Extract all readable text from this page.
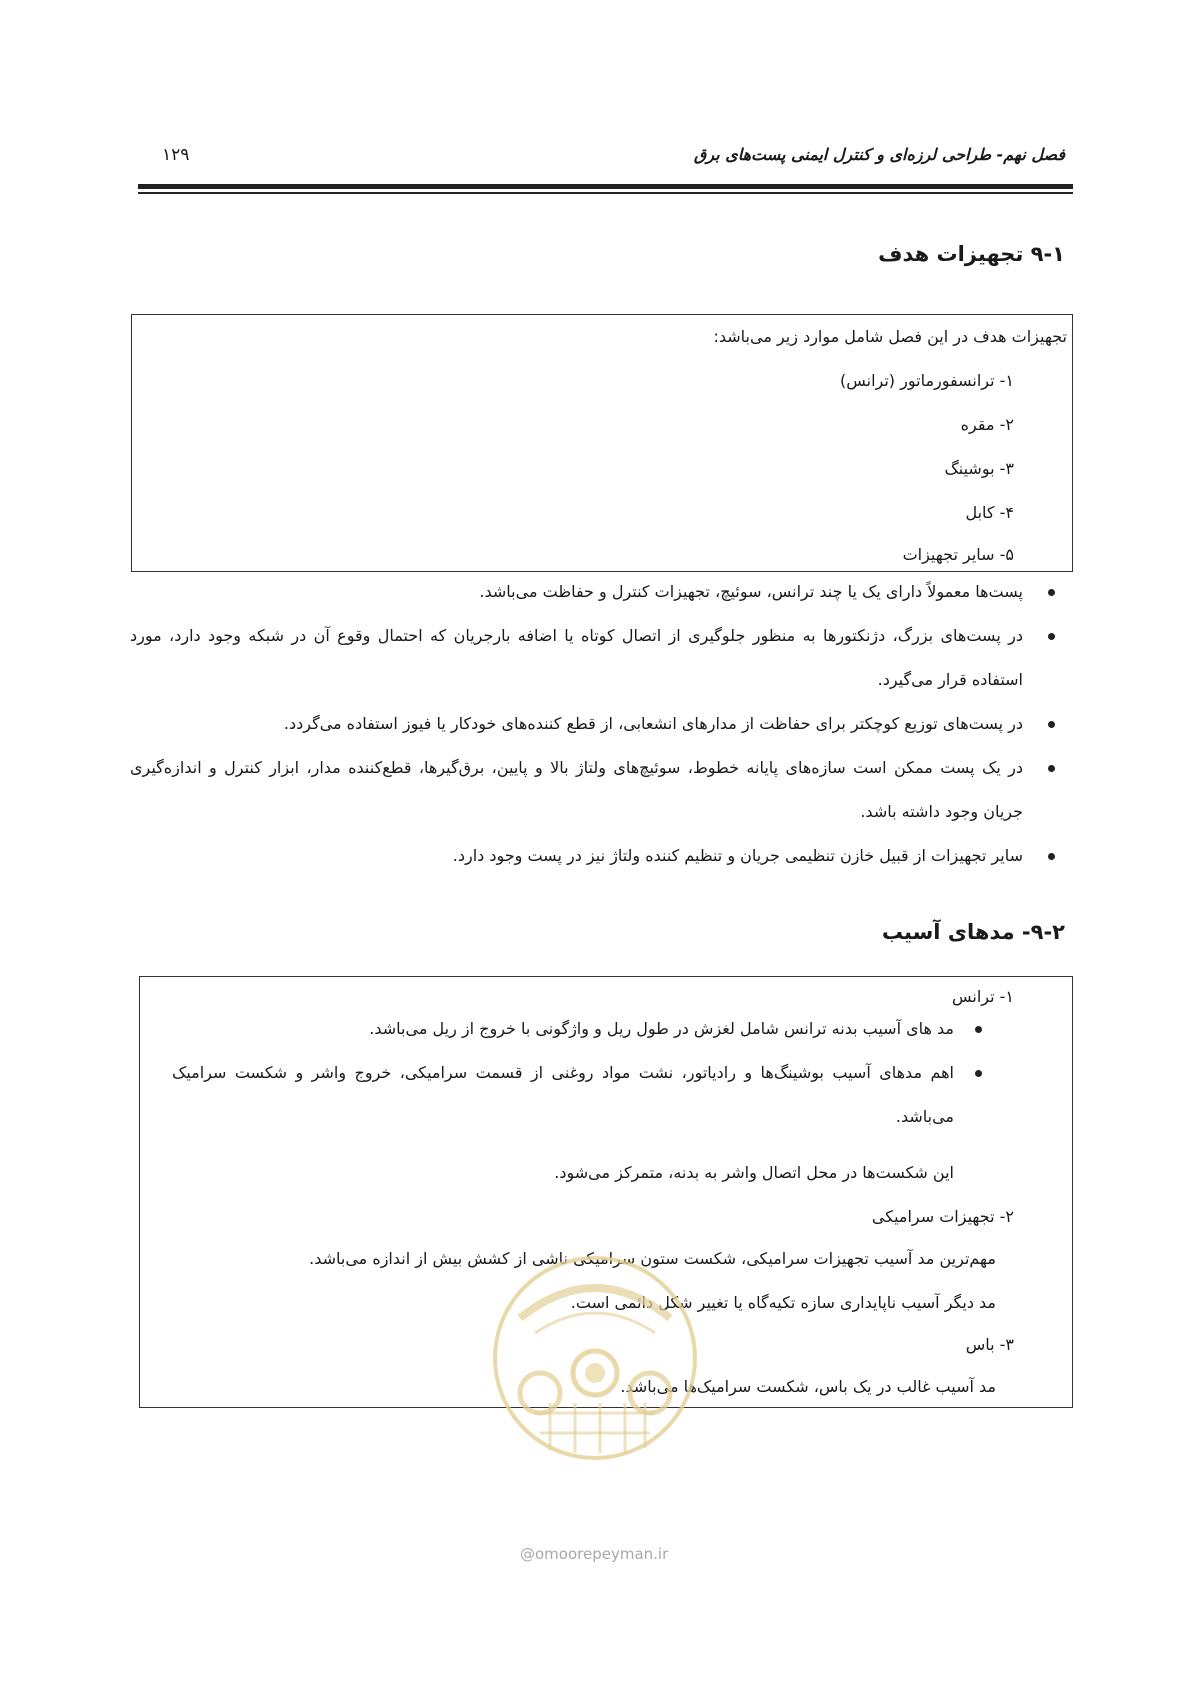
فصل نهم- طراحی لرزه‌ای و کنترل ایمنی پست‌های برق
۱۲۹
۹-۱ تجهیزات هدف
تجهیزات هدف در این فصل شامل موارد زیر می‌باشد:
۱- ترانسفورماتور (ترانس)
۲- مقره
۳- بوشینگ
۴- کابل
۵- سایر تجهیزات
پست‌ها معمولاً دارای یک یا چند ترانس، سوئیچ، تجهیزات کنترل و حفاظت می‌باشد.
در پست‌های بزرگ، دژنکتورها به منظور جلوگیری از اتصال کوتاه یا اضافه بارجریان که احتمال وقوع آن در شبکه وجود دارد، مورد استفاده قرار می‌گیرد.
در پست‌های توزیع کوچکتر برای حفاظت از مدارهای انشعابی، از قطع کننده‌های خودکار یا فیوز استفاده می‌گردد.
در یک پست ممکن است سازه‌های پایانه خطوط، سوئیچ‌های ولتاژ بالا و پایین، برق‌گیرها، قطع‌کننده مدار، ابزار کنترل و اندازه‌گیری جریان وجود داشته باشد.
سایر تجهیزات از قبیل خازن تنظیمی جریان و تنظیم کننده ولتاژ نیز در پست وجود دارد.
۹-۲- مدهای آسیب
۱- ترانس
مد های آسیب بدنه ترانس شامل لغزش در طول ریل و واژگونی با خروج از ریل می‌باشد.
اهم مدهای آسیب بوشینگ‌ها و رادیاتور، نشت مواد روغنی از قسمت سرامیکی، خروج واشر و شکست سرامیک می‌باشد.
این شکست‌ها در محل اتصال واشر به بدنه، متمرکز می‌شود.
۲- تجهیزات سرامیکی
مهم‌ترین مد آسیب تجهیزات سرامیکی، شکست ستون سرامیکی ناشی از کشش بیش از اندازه می‌باشد.
مد دیگر آسیب ناپایداری سازه تکیه‌گاه یا تغییر شکل دائمی است.
۳- باس
مد آسیب غالب در یک باس، شکست سرامیک‌ها می‌باشد.
@omoorepeyman.ir
